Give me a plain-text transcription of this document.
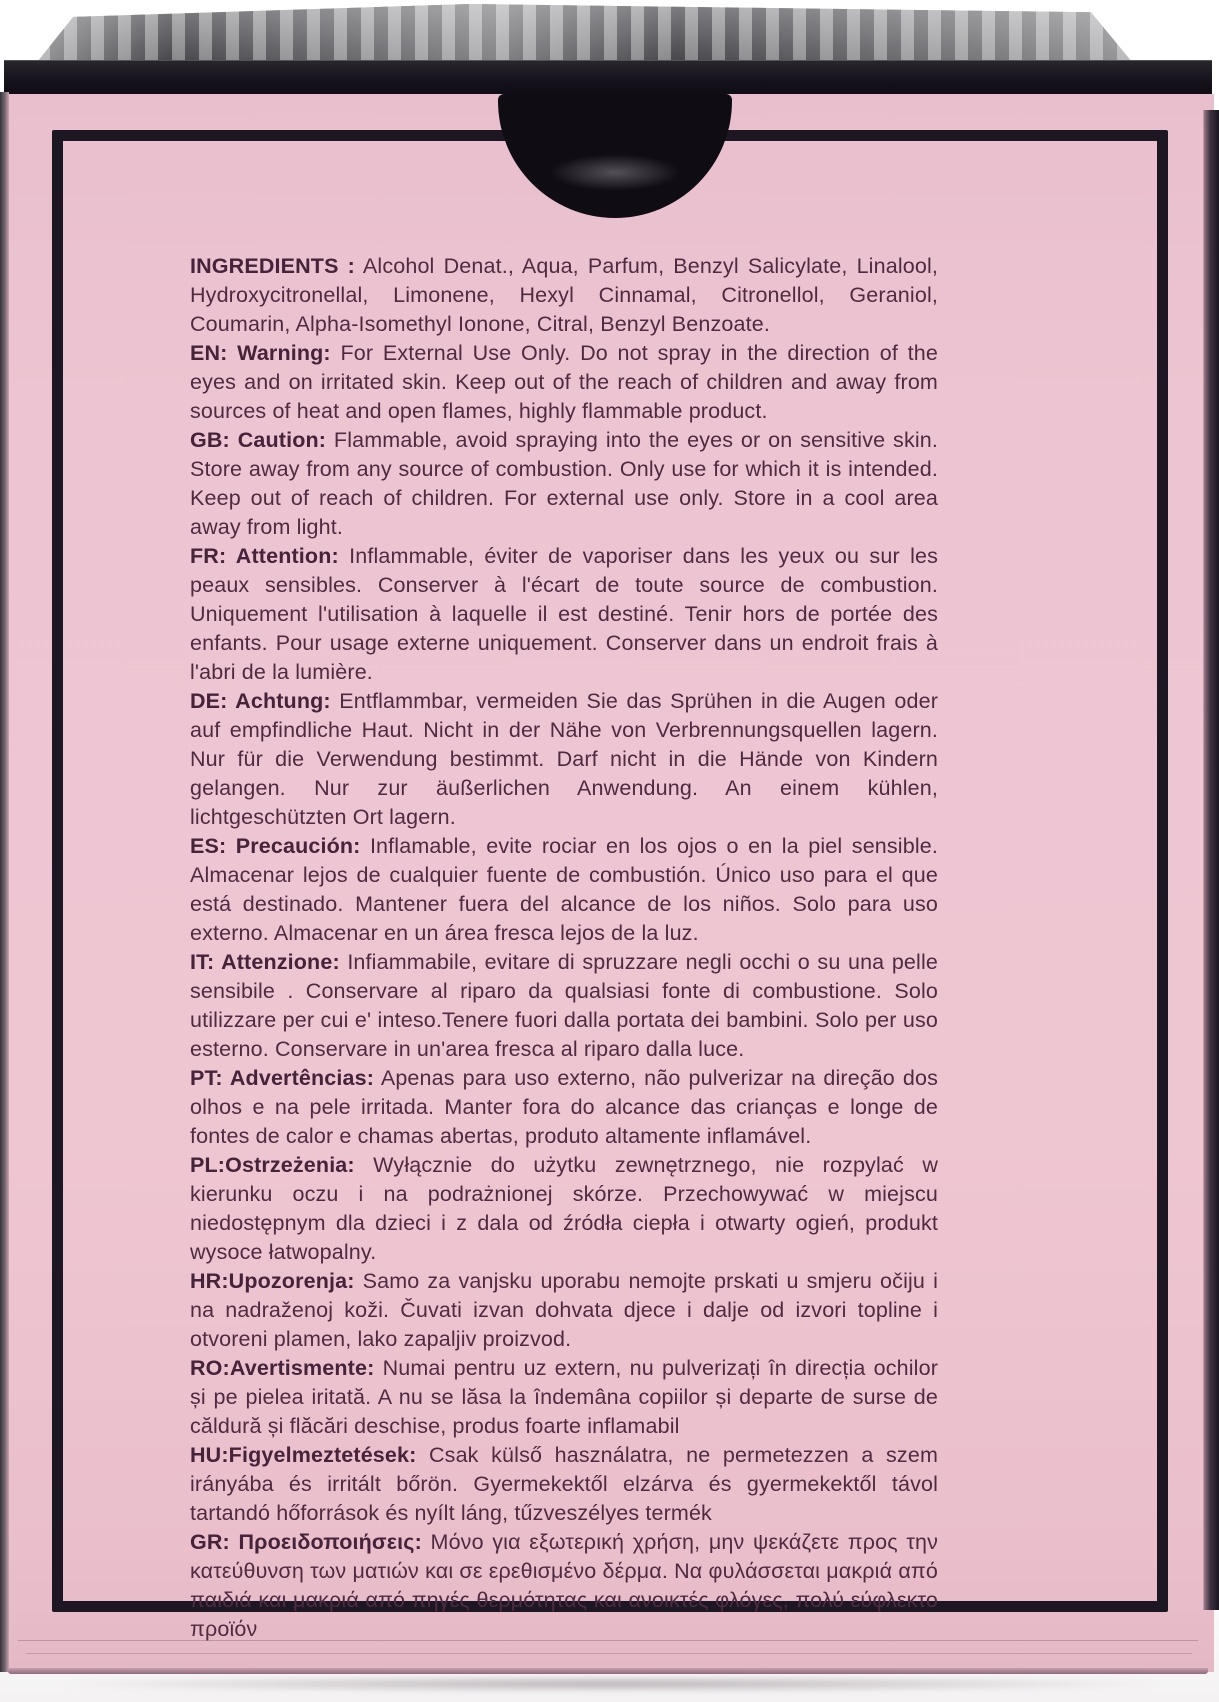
INGREDIENTS : Alcohol Denat., Aqua, Parfum, Benzyl Salicylate, Linalool, Hydroxycitronellal, Limonene, Hexyl Cinnamal, Citronellol, Geraniol, Coumarin, Alpha-Isomethyl Ionone, Citral, Benzyl Benzoate.

EN: Warning: For External Use Only. Do not spray in the direction of the eyes and on irritated skin. Keep out of the reach of children and away from sources of heat and open flames, highly flammable product.

GB: Caution: Flammable, avoid spraying into the eyes or on sensitive skin. Store away from any source of combustion. Only use for which it is intended. Keep out of reach of children. For external use only. Store in a cool area away from light.

FR: Attention: Inflammable, éviter de vaporiser dans les yeux ou sur les peaux sensibles. Conserver à l'écart de toute source de combustion. Uniquement l'utilisation à laquelle il est destiné. Tenir hors de portée des enfants. Pour usage externe uniquement. Conserver dans un endroit frais à l'abri de la lumière.

DE: Achtung: Entflammbar, vermeiden Sie das Sprühen in die Augen oder auf empfindliche Haut. Nicht in der Nähe von Verbrennungsquellen lagern. Nur für die Verwendung bestimmt. Darf nicht in die Hände von Kindern gelangen. Nur zur äußerlichen Anwendung. An einem kühlen, lichtgeschützten Ort lagern.

ES: Precaución: Inflamable, evite rociar en los ojos o en la piel sensible. Almacenar lejos de cualquier fuente de combustión. Único uso para el que está destinado. Mantener fuera del alcance de los niños. Solo para uso externo. Almacenar en un área fresca lejos de la luz.

IT: Attenzione: Infiammabile, evitare di spruzzare negli occhi o su una pelle sensibile . Conservare al riparo da qualsiasi fonte di combustione. Solo utilizzare per cui e' inteso.Tenere fuori dalla portata dei bambini. Solo per uso esterno. Conservare in un'area fresca al riparo dalla luce.

PT: Advertências: Apenas para uso externo, não pulverizar na direção dos olhos e na pele irritada. Manter fora do alcance das crianças e longe de fontes de calor e chamas abertas, produto altamente inflamável.

PL:Ostrzeżenia: Wyłącznie do użytku zewnętrznego, nie rozpylać w kierunku oczu i na podrażnionej skórze. Przechowywać w miejscu niedostępnym dla dzieci i z dala od źródła ciepła i otwarty ogień, produkt wysoce łatwopalny.

HR:Upozorenja: Samo za vanjsku uporabu nemojte prskati u smjeru očiju i na nadraženoj koži. Čuvati izvan dohvata djece i dalje od izvori topline i otvoreni plamen, lako zapaljiv proizvod.

RO:Avertismente: Numai pentru uz extern, nu pulverizați în direcția ochilor și pe pielea iritată. A nu se lăsa la îndemâna copiilor și departe de surse de căldură și flăcări deschise, produs foarte inflamabil

HU:Figyelmeztetések: Csak külső használatra, ne permetezzen a szem irányába és irritált bőrön. Gyermekektől elzárva és gyermekektől távol tartandó hőforrások és nyílt láng, tűzveszélyes termék

GR: Προειδοποιήσεις: Μόνο για εξωτερική χρήση, μην ψεκάζετε προς την κατεύθυνση των ματιών και σε ερεθισμένο δέρμα. Να φυλάσσεται μακριά από παιδιά και μακριά από πηγές θερμότητας και ανοικτές φλόγες, πολύ εύφλεκτο προϊόν
